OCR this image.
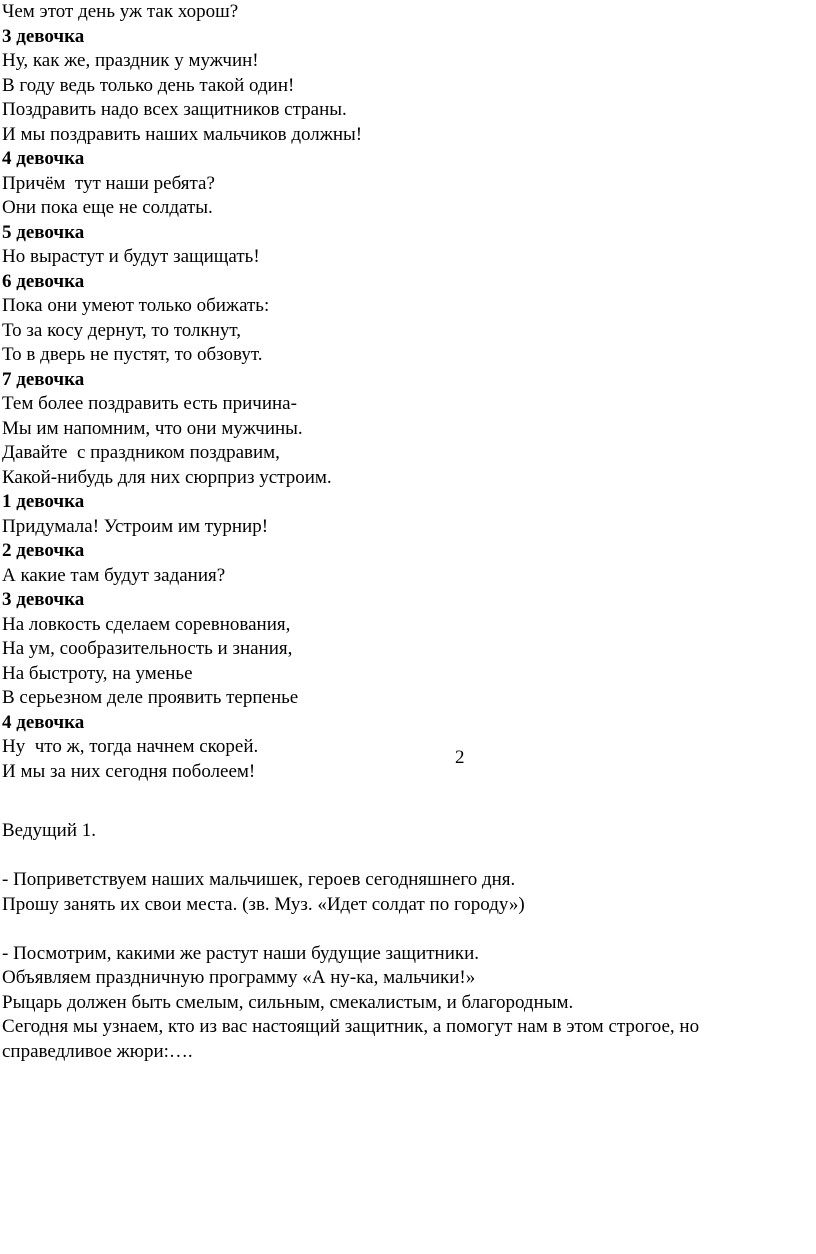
Чем этот день уж так хорош?
3 девочка
Ну, как же, праздник у мужчин!
В году ведь только день такой один!
Поздравить надо всех защитников страны.
И мы поздравить наших мальчиков должны!
4 девочка
Причём  тут наши ребята?
Они пока еще не солдаты.
5 девочка
Но вырастут и будут защищать!
6 девочка
Пока они умеют только обижать:
То за косу дернут, то толкнут,
То в дверь не пустят, то обзовут.
7 девочка
Тем более поздравить есть причина-
Мы им напомним, что они мужчины.
Давайте  с праздником поздравим,
Какой-нибудь для них сюрприз устроим.
1 девочка
Придумала! Устроим им турнир!
2 девочка
А какие там будут задания?
3 девочка
На ловкость сделаем соревнования,
На ум, сообразительность и знания,
На быстроту, на уменье
В серьезном деле проявить терпенье
4 девочка
Ну  что ж, тогда начнем скорей.
И мы за них сегодня поболеем!
2
Ведущий 1.
- Поприветствуем наших мальчишек, героев сегодняшнего дня.
Прошу занять их свои места. (зв. Муз. «Идет солдат по городу»)
- Посмотрим, какими же растут наши будущие защитники.
Объявляем праздничную программу «А ну-ка, мальчики!»
Рыцарь должен быть смелым, сильным, смекалистым, и благородным.
Сегодня мы узнаем, кто из вас настоящий защитник, а помогут нам в этом строгое, но
справедливое жюри:….
